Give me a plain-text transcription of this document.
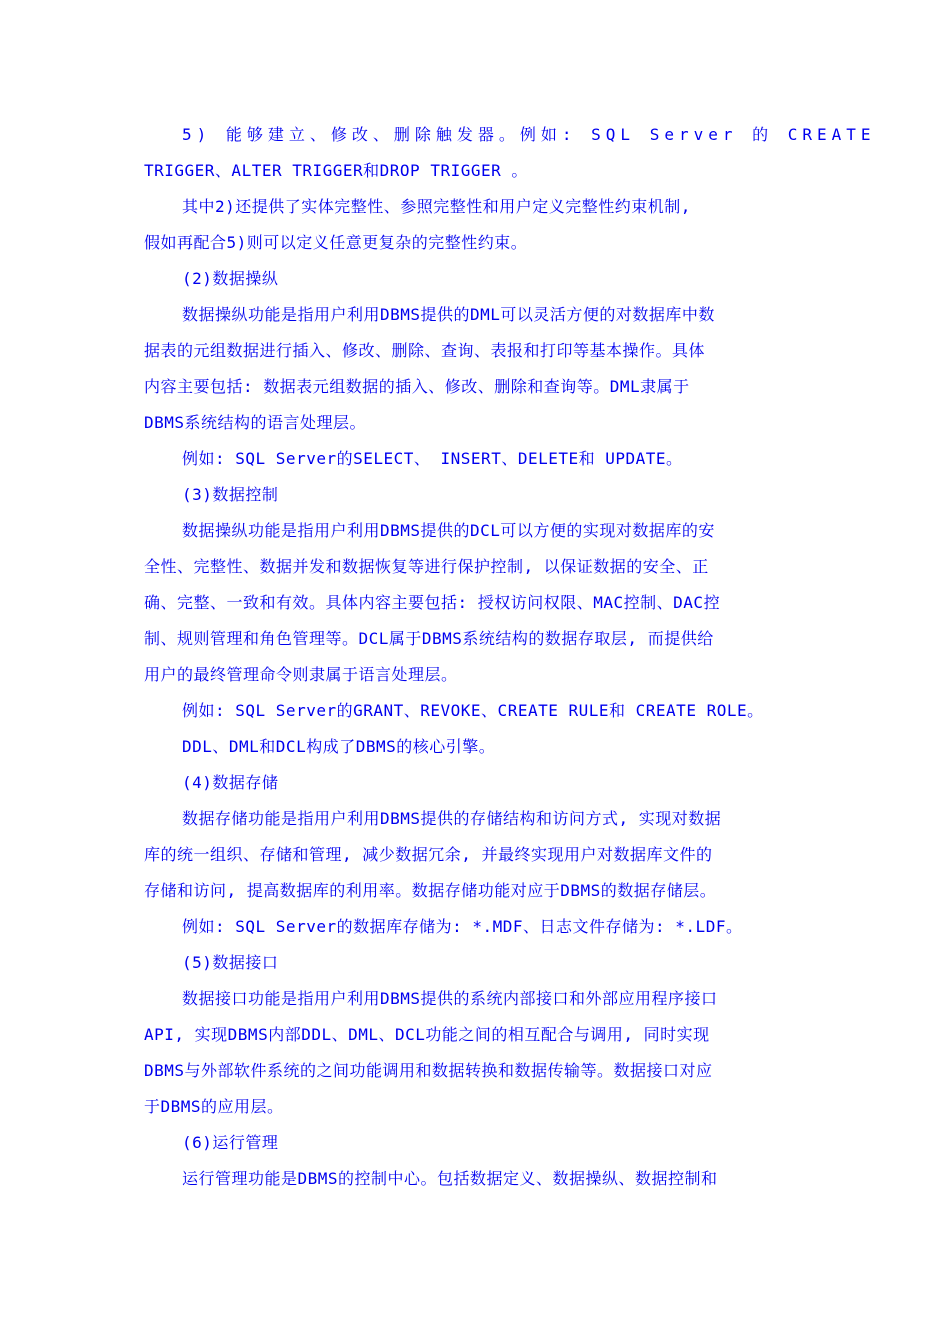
5) 能够建立、修改、删除触发器。例如: SQL Server 的 CREATE
TRIGGER、ALTER TRIGGER和DROP TRIGGER 。
其中2)还提供了实体完整性、参照完整性和用户定义完整性约束机制,
假如再配合5)则可以定义任意更复杂的完整性约束。
(2)数据操纵
数据操纵功能是指用户利用DBMS提供的DML可以灵活方便的对数据库中数
据表的元组数据进行插入、修改、删除、查询、表报和打印等基本操作。具体
内容主要包括: 数据表元组数据的插入、修改、删除和查询等。DML隶属于
DBMS系统结构的语言处理层。
例如: SQL Server的SELECT、 INSERT、DELETE和 UPDATE。
(3)数据控制
数据操纵功能是指用户利用DBMS提供的DCL可以方便的实现对数据库的安
全性、完整性、数据并发和数据恢复等进行保护控制, 以保证数据的安全、正
确、完整、一致和有效。具体内容主要包括: 授权访问权限、MAC控制、DAC控
制、规则管理和角色管理等。DCL属于DBMS系统结构的数据存取层, 而提供给
用户的最终管理命令则隶属于语言处理层。
例如: SQL Server的GRANT、REVOKE、CREATE RULE和 CREATE ROLE。
DDL、DML和DCL构成了DBMS的核心引擎。
(4)数据存储
数据存储功能是指用户利用DBMS提供的存储结构和访问方式, 实现对数据
库的统一组织、存储和管理, 减少数据冗余, 并最终实现用户对数据库文件的
存储和访问, 提高数据库的利用率。数据存储功能对应于DBMS的数据存储层。
例如: SQL Server的数据库存储为: *.MDF、日志文件存储为: *.LDF。
(5)数据接口
数据接口功能是指用户利用DBMS提供的系统内部接口和外部应用程序接口
API, 实现DBMS内部DDL、DML、DCL功能之间的相互配合与调用, 同时实现
DBMS与外部软件系统的之间功能调用和数据转换和数据传输等。数据接口对应
于DBMS的应用层。
(6)运行管理
运行管理功能是DBMS的控制中心。包括数据定义、数据操纵、数据控制和
